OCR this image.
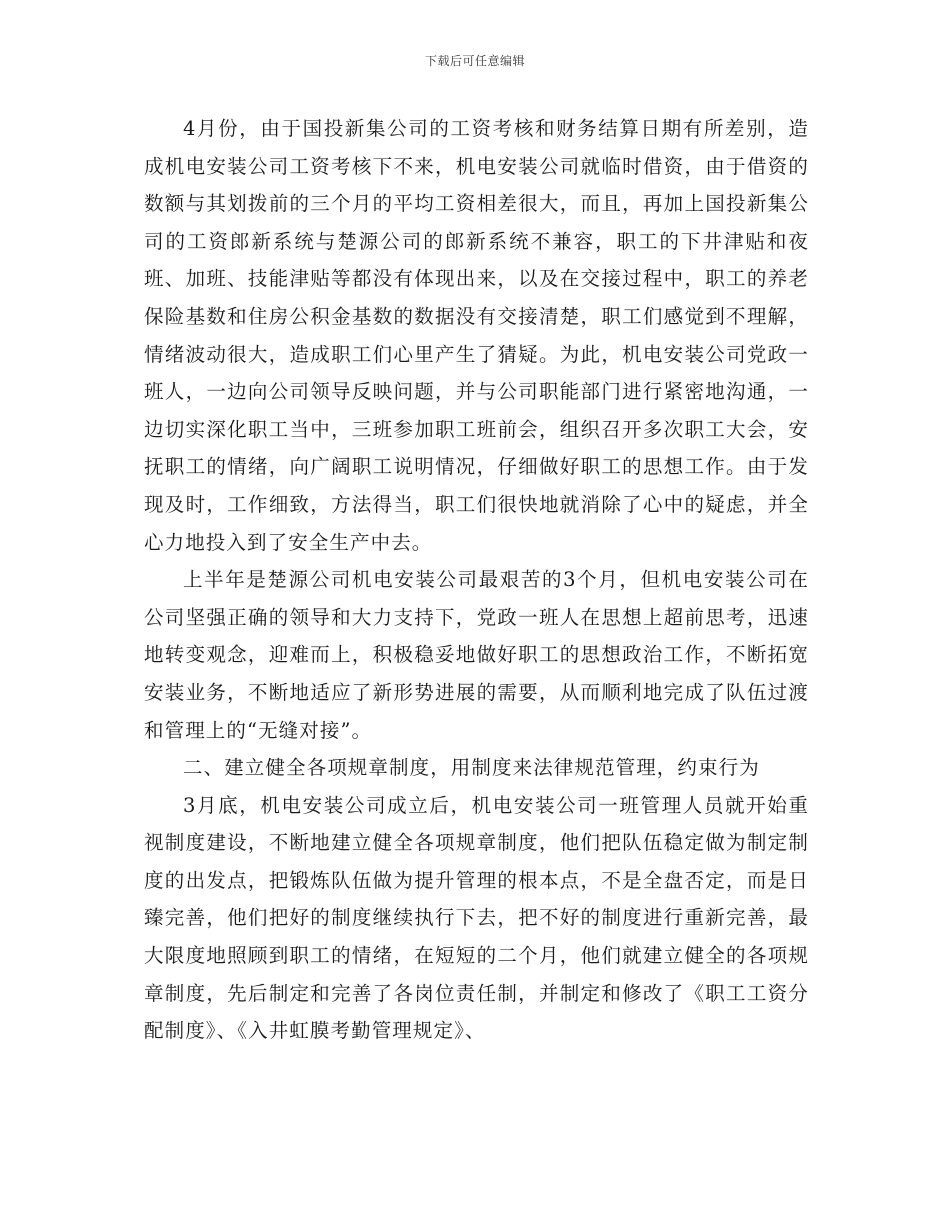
下载后可任意编辑

4月份，由于国投新集公司的工资考核和财务结算日期有所差别，造成机电安装公司工资考核下不来，机电安装公司就临时借资，由于借资的数额与其划拨前的三个月的平均工资相差很大，而且，再加上国投新集公司的工资郎新系统与楚源公司的郎新系统不兼容，职工的下井津贴和夜班、加班、技能津贴等都没有体现出来，以及在交接过程中，职工的养老保险基数和住房公积金基数的数据没有交接清楚，职工们感觉到不理解，情绪波动很大，造成职工们心里产生了猜疑。为此，机电安装公司党政一班人，一边向公司领导反映问题，并与公司职能部门进行紧密地沟通，一边切实深化职工当中，三班参加职工班前会，组织召开多次职工大会，安抚职工的情绪，向广阔职工说明情况，仔细做好职工的思想工作。由于发现及时，工作细致，方法得当，职工们很快地就消除了心中的疑虑，并全心力地投入到了安全生产中去。

上半年是楚源公司机电安装公司最艰苦的3个月，但机电安装公司在公司坚强正确的领导和大力支持下，党政一班人在思想上超前思考，迅速地转变观念，迎难而上，积极稳妥地做好职工的思想政治工作，不断拓宽安装业务，不断地适应了新形势进展的需要，从而顺利地完成了队伍过渡和管理上的“无缝对接”。

二、建立健全各项规章制度，用制度来法律规范管理，约束行为

3月底，机电安装公司成立后，机电安装公司一班管理人员就开始重视制度建设，不断地建立健全各项规章制度，他们把队伍稳定做为制定制度的出发点，把锻炼队伍做为提升管理的根本点，不是全盘否定，而是日臻完善，他们把好的制度继续执行下去，把不好的制度进行重新完善，最大限度地照顾到职工的情绪，在短短的二个月，他们就建立健全的各项规章制度，先后制定和完善了各岗位责任制，并制定和修改了《职工工资分配制度》、《入井虹膜考勤管理规定》、
